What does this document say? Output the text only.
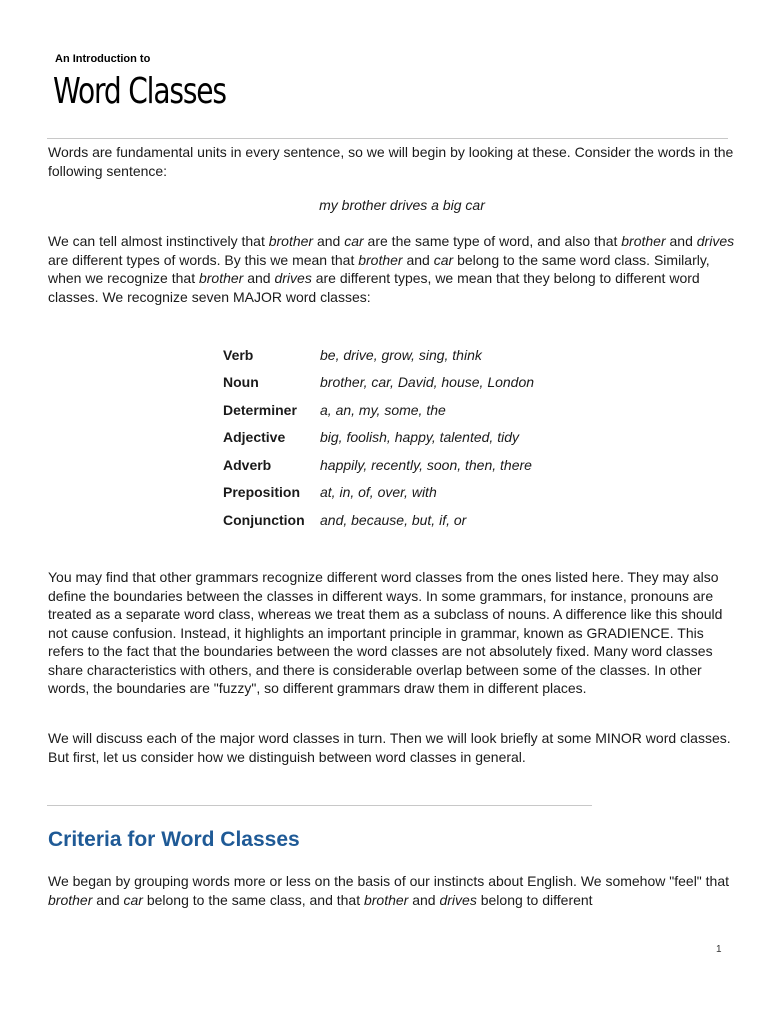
An Introduction to
Word Classes

Words are fundamental units in every sentence, so we will begin by looking at these. Consider the words in the following sentence:

my brother drives a big car

We can tell almost instinctively that brother and car are the same type of word, and also that brother and drives are different types of words. By this we mean that brother and car belong to the same word class. Similarly, when we recognize that brother and drives are different types, we mean that they belong to different word classes. We recognize seven MAJOR word classes:

Verb	be, drive, grow, sing, think
Noun	brother, car, David, house, London
Determiner	a, an, my, some, the
Adjective	big, foolish, happy, talented, tidy
Adverb	happily, recently, soon, then, there
Preposition	at, in, of, over, with
Conjunction	and, because, but, if, or

You may find that other grammars recognize different word classes from the ones listed here. They may also define the boundaries between the classes in different ways. In some grammars, for instance, pronouns are treated as a separate word class, whereas we treat them as a subclass of nouns. A difference like this should not cause confusion. Instead, it highlights an important principle in grammar, known as GRADIENCE. This refers to the fact that the boundaries between the word classes are not absolutely fixed. Many word classes share characteristics with others, and there is considerable overlap between some of the classes. In other words, the boundaries are "fuzzy", so different grammars draw them in different places.

We will discuss each of the major word classes in turn. Then we will look briefly at some MINOR word classes. But first, let us consider how we distinguish between word classes in general.

Criteria for Word Classes

We began by grouping words more or less on the basis of our instincts about English. We somehow "feel" that brother and car belong to the same class, and that brother and drives belong to different

1
